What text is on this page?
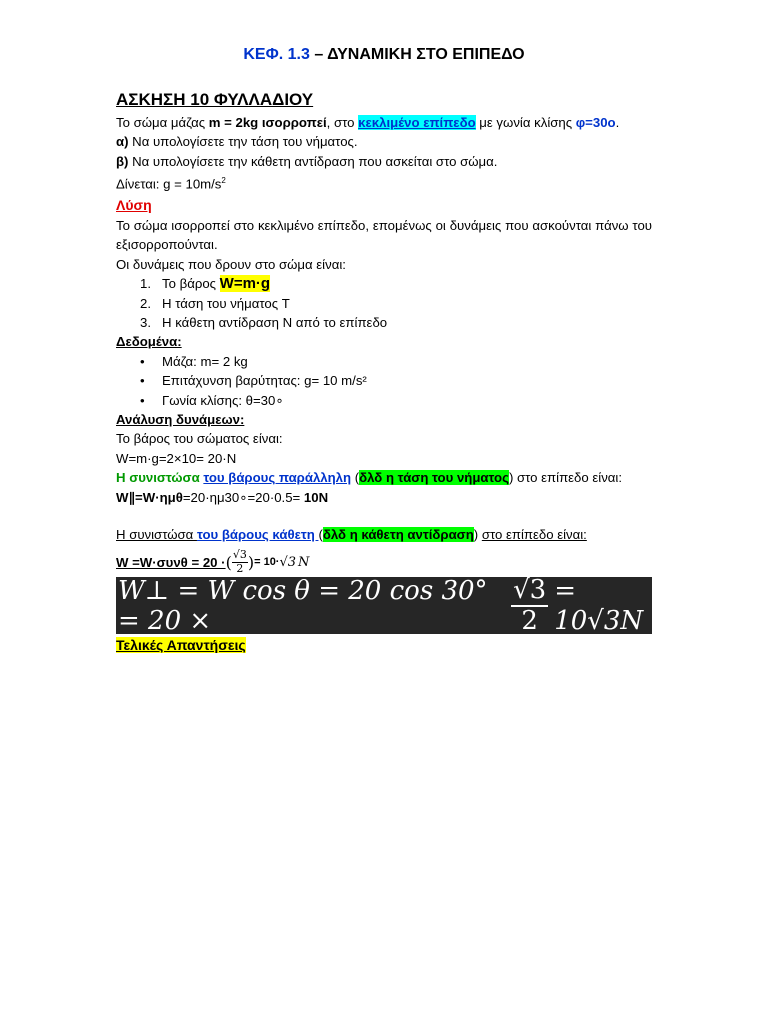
ΚΕΦ. 1.3 – ΔΥΝΑΜΙΚΗ ΣΤΟ ΕΠΙΠΕΔΟ
ΑΣΚΗΣΗ 10 ΦΥΛΛΑΔΙΟΥ
Το σώμα μάζας m = 2kg ισορροπεί, στο κεκλιμένο επίπεδο με γωνία κλίσης φ=30ο.
α) Να υπολογίσετε την τάση του νήματος.
β) Να υπολογίσετε την κάθετη αντίδραση που ασκείται στο σώμα.
Δίνεται: $g = 10m/s^2$
Λύση
Το σώμα ισορροπεί στο κεκλιμένο επίπεδο, επομένως οι δυνάμεις που ασκούνται πάνω του εξισορροπούνται.
Οι δυνάμεις που δρουν στο σώμα είναι:
1. Το βάρος W=m·g
2. Η τάση του νήματος T
3. Η κάθετη αντίδραση N από το επίπεδο
Δεδομένα:
• Μάζα: m= 2 kg
• Επιτάχυνση βαρύτητας: g= 10 m/s²
• Γωνία κλίσης: θ=30∘
Ανάλυση δυνάμεων:
Το βάρος του σώματος είναι:
W=m·g=2×10= 20·N
Η συνιστώσα του βάρους παράλληλη (δλδ η τάση του νήματος) στο επίπεδο είναι:
W∥=W·ημθ=20·ημ30∘=20·0.5= 10N
Η συνιστώσα του βάρους κάθετη (δλδ η κάθετη αντίδραση) στο επίπεδο είναι:
W =W·συνθ = 20 · ( $\frac{√3}{2}$ ) = 10· √3 N
W⊥ = W cos θ = 20 cos 30° = 20 ×	$\frac{√3}{2} = 10√3N$
Τελικές Απαντήσεις
